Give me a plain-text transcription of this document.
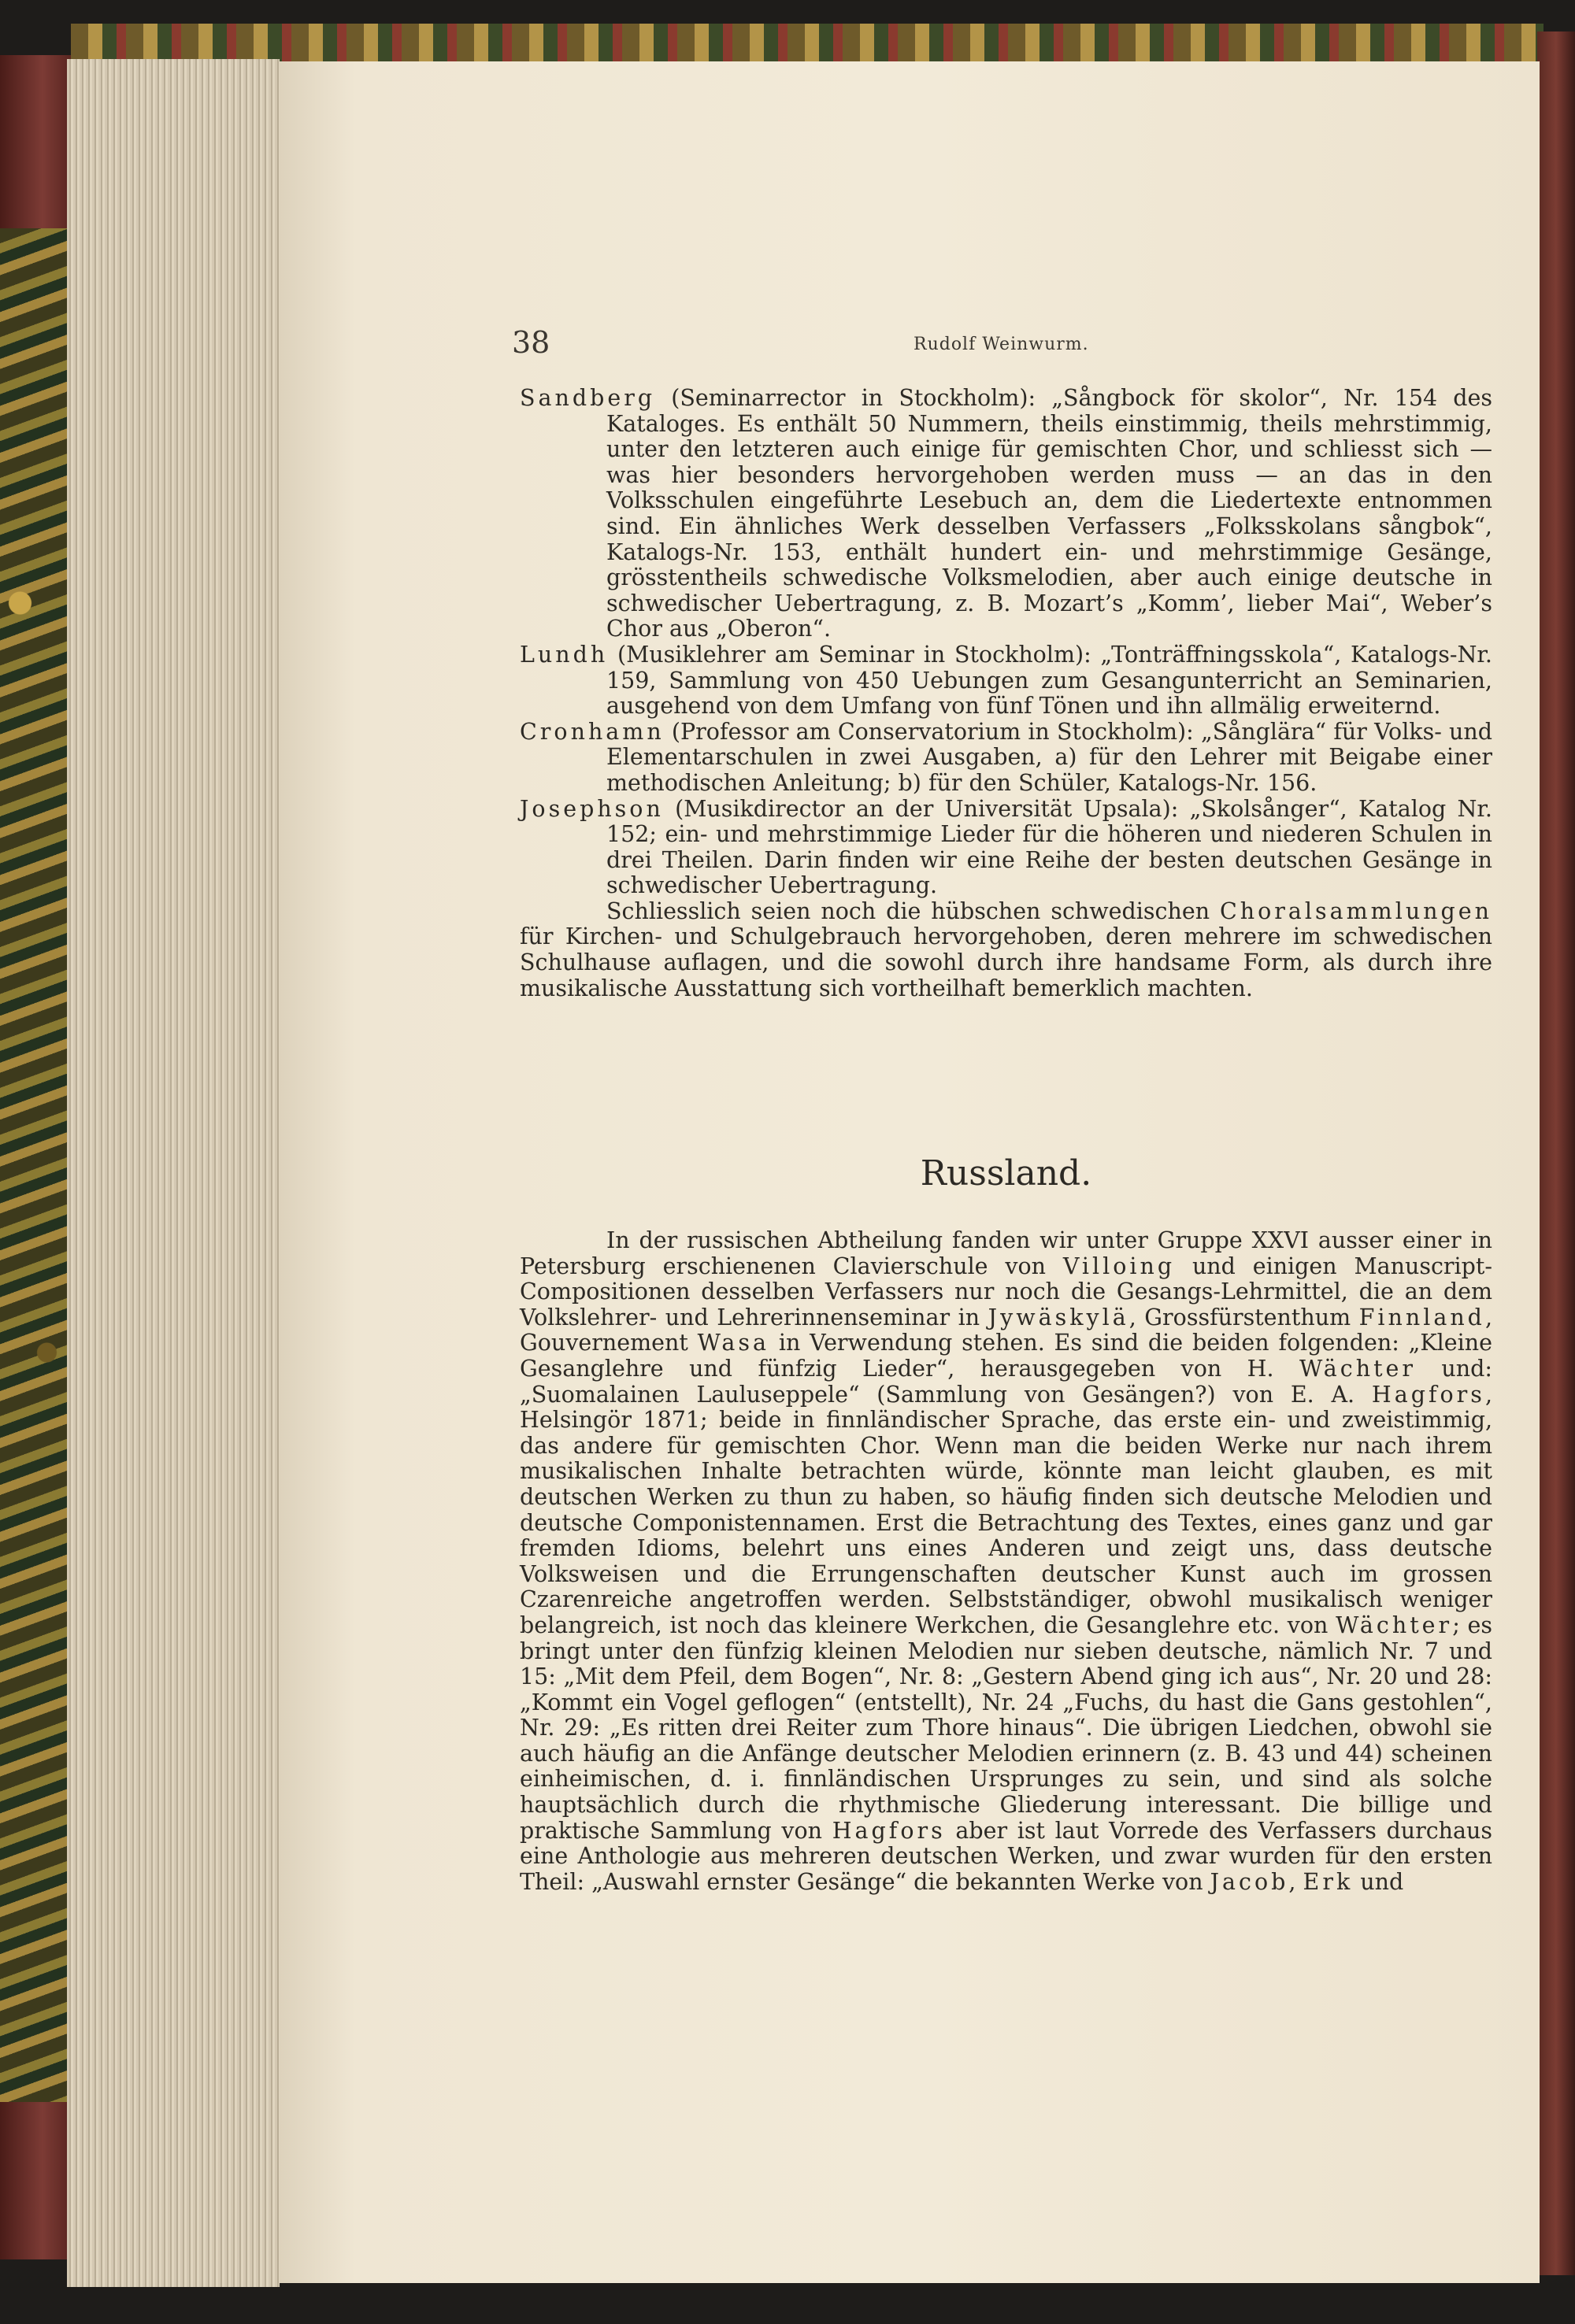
38	Rudolf Weinwurm.

Sandberg (Seminarrector in Stockholm): „Sångbock för skolor“, Nr. 154 des Kataloges. Es enthält 50 Nummern, theils einstimmig, theils mehrstimmig, unter den letzteren auch einige für gemischten Chor, und schliesst sich — was hier besonders hervorgehoben werden muss — an das in den Volksschulen eingeführte Lesebuch an, dem die Liedertexte entnommen sind. Ein ähnliches Werk desselben Verfassers „Folksskolans sångbok“, Katalogs-Nr. 153, enthält hundert ein- und mehrstimmige Gesänge, grösstentheils schwedische Volksmelodien, aber auch einige deutsche in schwedischer Uebertragung, z. B. Mozart’s „Komm’, lieber Mai“, Weber’s Chor aus „Oberon“.

Lundh (Musiklehrer am Seminar in Stockholm): „Tonträffningsskola“, Katalogs-Nr. 159, Sammlung von 450 Uebungen zum Gesangunterricht an Seminarien, ausgehend von dem Umfang von fünf Tönen und ihn allmälig erweiternd.

Cronhamn (Professor am Conservatorium in Stockholm): „Sånglära“ für Volks- und Elementarschulen in zwei Ausgaben, a) für den Lehrer mit Beigabe einer methodischen Anleitung; b) für den Schüler, Katalogs-Nr. 156.

Josephson (Musikdirector an der Universität Upsala): „Skolsånger“, Katalog Nr. 152; ein- und mehrstimmige Lieder für die höheren und niederen Schulen in drei Theilen. Darin finden wir eine Reihe der besten deutschen Gesänge in schwedischer Uebertragung.

Schliesslich seien noch die hübschen schwedischen Choralsammlungen für Kirchen- und Schulgebrauch hervorgehoben, deren mehrere im schwedischen Schulhause auflagen, und die sowohl durch ihre handsame Form, als durch ihre musikalische Ausstattung sich vortheilhaft bemerklich machten.

Russland.

In der russischen Abtheilung fanden wir unter Gruppe XXVI ausser einer in Petersburg erschienenen Clavierschule von Villoing und einigen Manuscript-Compositionen desselben Verfassers nur noch die Gesangs-Lehrmittel, die an dem Volkslehrer- und Lehrerinnenseminar in Jywäskylä, Grossfürstenthum Finnland, Gouvernement Wasa in Verwendung stehen. Es sind die beiden folgenden: „Kleine Gesanglehre und fünfzig Lieder“, herausgegeben von H. Wächter und: „Suomalainen Laulusеppele“ (Sammlung von Gesängen?) von E. A. Hagfors, Helsingör 1871; beide in finnländischer Sprache, das erste ein- und zweistimmig, das andere für gemischten Chor. Wenn man die beiden Werke nur nach ihrem musikalischen Inhalte betrachten würde, könnte man leicht glauben, es mit deutschen Werken zu thun zu haben, so häufig finden sich deutsche Melodien und deutsche Componistennamen. Erst die Betrachtung des Textes, eines ganz und gar fremden Idioms, belehrt uns eines Anderen und zeigt uns, dass deutsche Volksweisen und die Errungenschaften deutscher Kunst auch im grossen Czarenreiche angetroffen werden. Selbstständiger, obwohl musikalisch weniger belangreich, ist noch das kleinere Werkchen, die Gesanglehre etc. von Wächter; es bringt unter den fünfzig kleinen Melodien nur sieben deutsche, nämlich Nr. 7 und 15: „Mit dem Pfeil, dem Bogen“, Nr. 8: „Gestern Abend ging ich aus“, Nr. 20 und 28: „Kommt ein Vogel geflogen“ (entstellt), Nr. 24 „Fuchs, du hast die Gans gestohlen“, Nr. 29: „Es ritten drei Reiter zum Thore hinaus“. Die übrigen Liedchen, obwohl sie auch häufig an die Anfänge deutscher Melodien erinnern (z. B. 43 und 44) scheinen einheimischen, d. i. finnländischen Ursprunges zu sein, und sind als solche hauptsächlich durch die rhythmische Gliederung interessant. Die billige und praktische Sammlung von Hagfors aber ist laut Vorrede des Verfassers durchaus eine Anthologie aus mehreren deutschen Werken, und zwar wurden für den ersten Theil: „Auswahl ernster Gesänge“ die bekannten Werke von Jacob, Erk und
